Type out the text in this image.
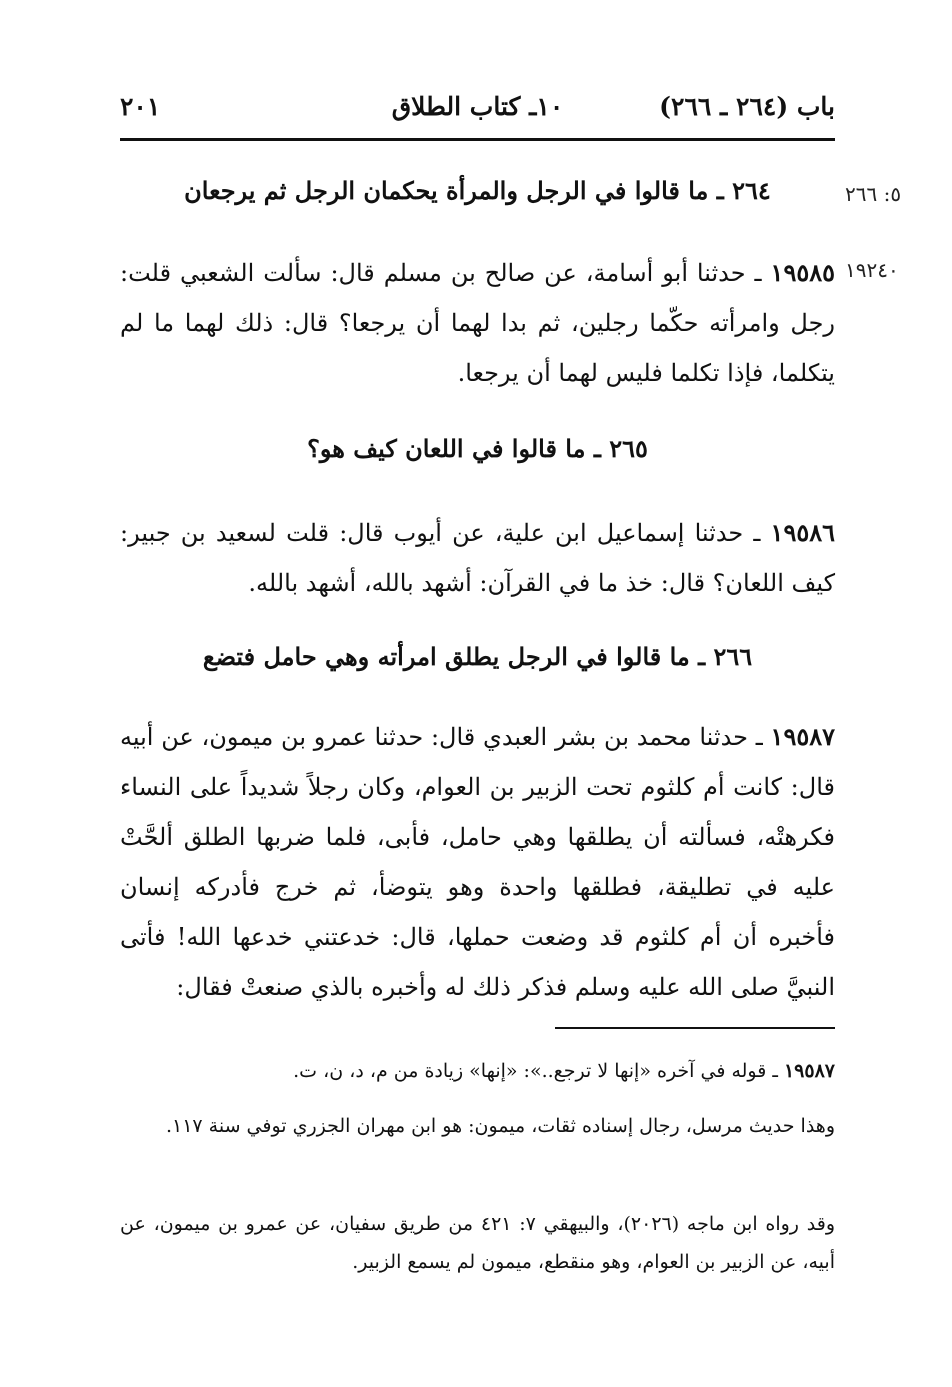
باب (٢٦٤ ـ ٢٦٦)
١٠ـ كتاب الطلاق
٢٠١
٥: ٢٦٦
١٩٢٤٠
٢٦٤ ـ ما قالوا في الرجل والمرأة يحكمان الرجل ثم يرجعان
١٩٥٨٥ ـ حدثنا أبو أسامة، عن صالح بن مسلم قال: سألت الشعبي قلت: رجل وامرأته حكّما رجلين، ثم بدا لهما أن يرجعا؟ قال: ذلك لهما ما لم يتكلما، فإذا تكلما فليس لهما أن يرجعا.
٢٦٥ ـ ما قالوا في اللعان كيف هو؟
١٩٥٨٦ ـ حدثنا إسماعيل ابن علية، عن أيوب قال: قلت لسعيد بن جبير: كيف اللعان؟ قال: خذ ما في القرآن: أشهد بالله، أشهد بالله.
٢٦٦ ـ ما قالوا في الرجل يطلق امرأته وهي حامل فتضع
١٩٥٨٧ ـ حدثنا محمد بن بشر العبدي قال: حدثنا عمرو بن ميمون، عن أبيه قال: كانت أم كلثوم تحت الزبير بن العوام، وكان رجلاً شديداً على النساء فكرهتْه، فسألته أن يطلقها وهي حامل، فأبى، فلما ضربها الطلق ألحَّتْ عليه في تطليقة، فطلقها واحدة وهو يتوضأ، ثم خرج فأدركه إنسان فأخبره أن أم كلثوم قد وضعت حملها، قال: خدعتني خدعها الله! فأتى النبيَّ صلى الله عليه وسلم فذكر ذلك له وأخبره بالذي صنعتْ فقال:
١٩٥٨٧ ـ قوله في آخره «إنها لا ترجع..»: «إنها» زيادة من م، د، ن، ت.
وهذا حديث مرسل، رجال إسناده ثقات، ميمون: هو ابن مهران الجزري توفي سنة ١١٧.
وقد رواه ابن ماجه (٢٠٢٦)، والبيهقي ٧: ٤٢١ من طريق سفيان، عن عمرو بن ميمون، عن أبيه، عن الزبير بن العوام، وهو منقطع، ميمون لم يسمع الزبير.
